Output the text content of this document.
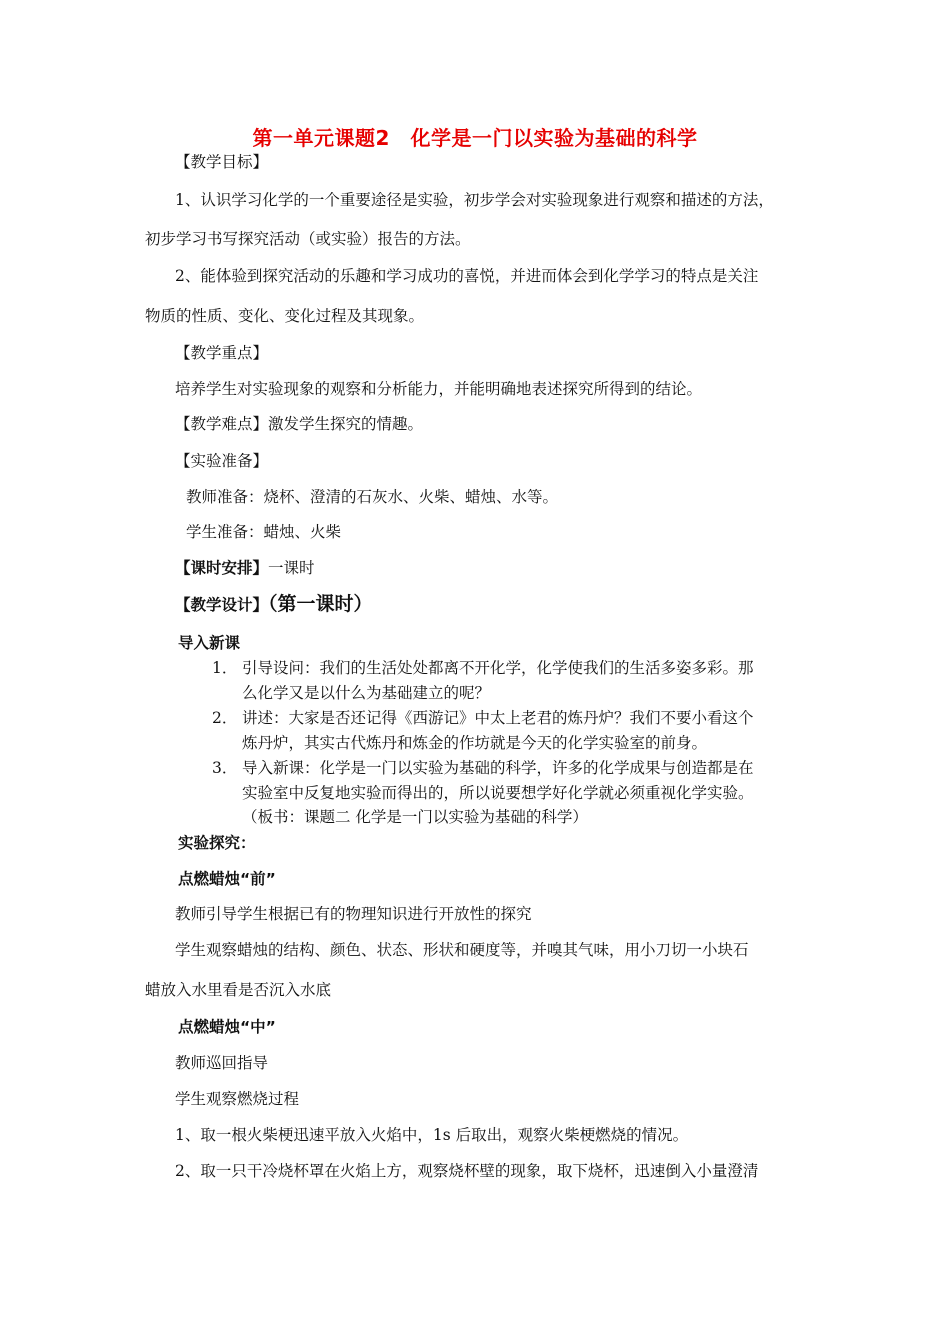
第一单元课题2　化学是一门以实验为基础的科学
【教学目标】
1、认识学习化学的一个重要途径是实验，初步学会对实验现象进行观察和描述的方法，
初步学习书写探究活动（或实验）报告的方法。
2、能体验到探究活动的乐趣和学习成功的喜悦，并进而体会到化学学习的特点是关注
物质的性质、变化、变化过程及其现象。
【教学重点】
培养学生对实验现象的观察和分析能力，并能明确地表述探究所得到的结论。
【教学难点】激发学生探究的情趣。
【实验准备】
教师准备：烧杯、澄清的石灰水、火柴、蜡烛、水等。
学生准备：蜡烛、火柴
【课时安排】一课时
【教学设计】（第一课时）
导入新课
1． 引导设问：我们的生活处处都离不开化学，化学使我们的生活多姿多彩。那
么化学又是以什么为基础建立的呢？
2． 讲述：大家是否还记得《西游记》中太上老君的炼丹炉？我们不要小看这个
炼丹炉，其实古代炼丹和炼金的作坊就是今天的化学实验室的前身。
3． 导入新课：化学是一门以实验为基础的科学，许多的化学成果与创造都是在
实验室中反复地实验而得出的，所以说要想学好化学就必须重视化学实验。
（板书：课题二 化学是一门以实验为基础的科学）
实验探究：
点燃蜡烛“前”
教师引导学生根据已有的物理知识进行开放性的探究
学生观察蜡烛的结构、颜色、状态、形状和硬度等，并嗅其气味，用小刀切一小块石
蜡放入水里看是否沉入水底
点燃蜡烛“中”
教师巡回指导
学生观察燃烧过程
1、取一根火柴梗迅速平放入火焰中，1s 后取出，观察火柴梗燃烧的情况。
2、取一只干冷烧杯罩在火焰上方，观察烧杯壁的现象，取下烧杯，迅速倒入小量澄清
